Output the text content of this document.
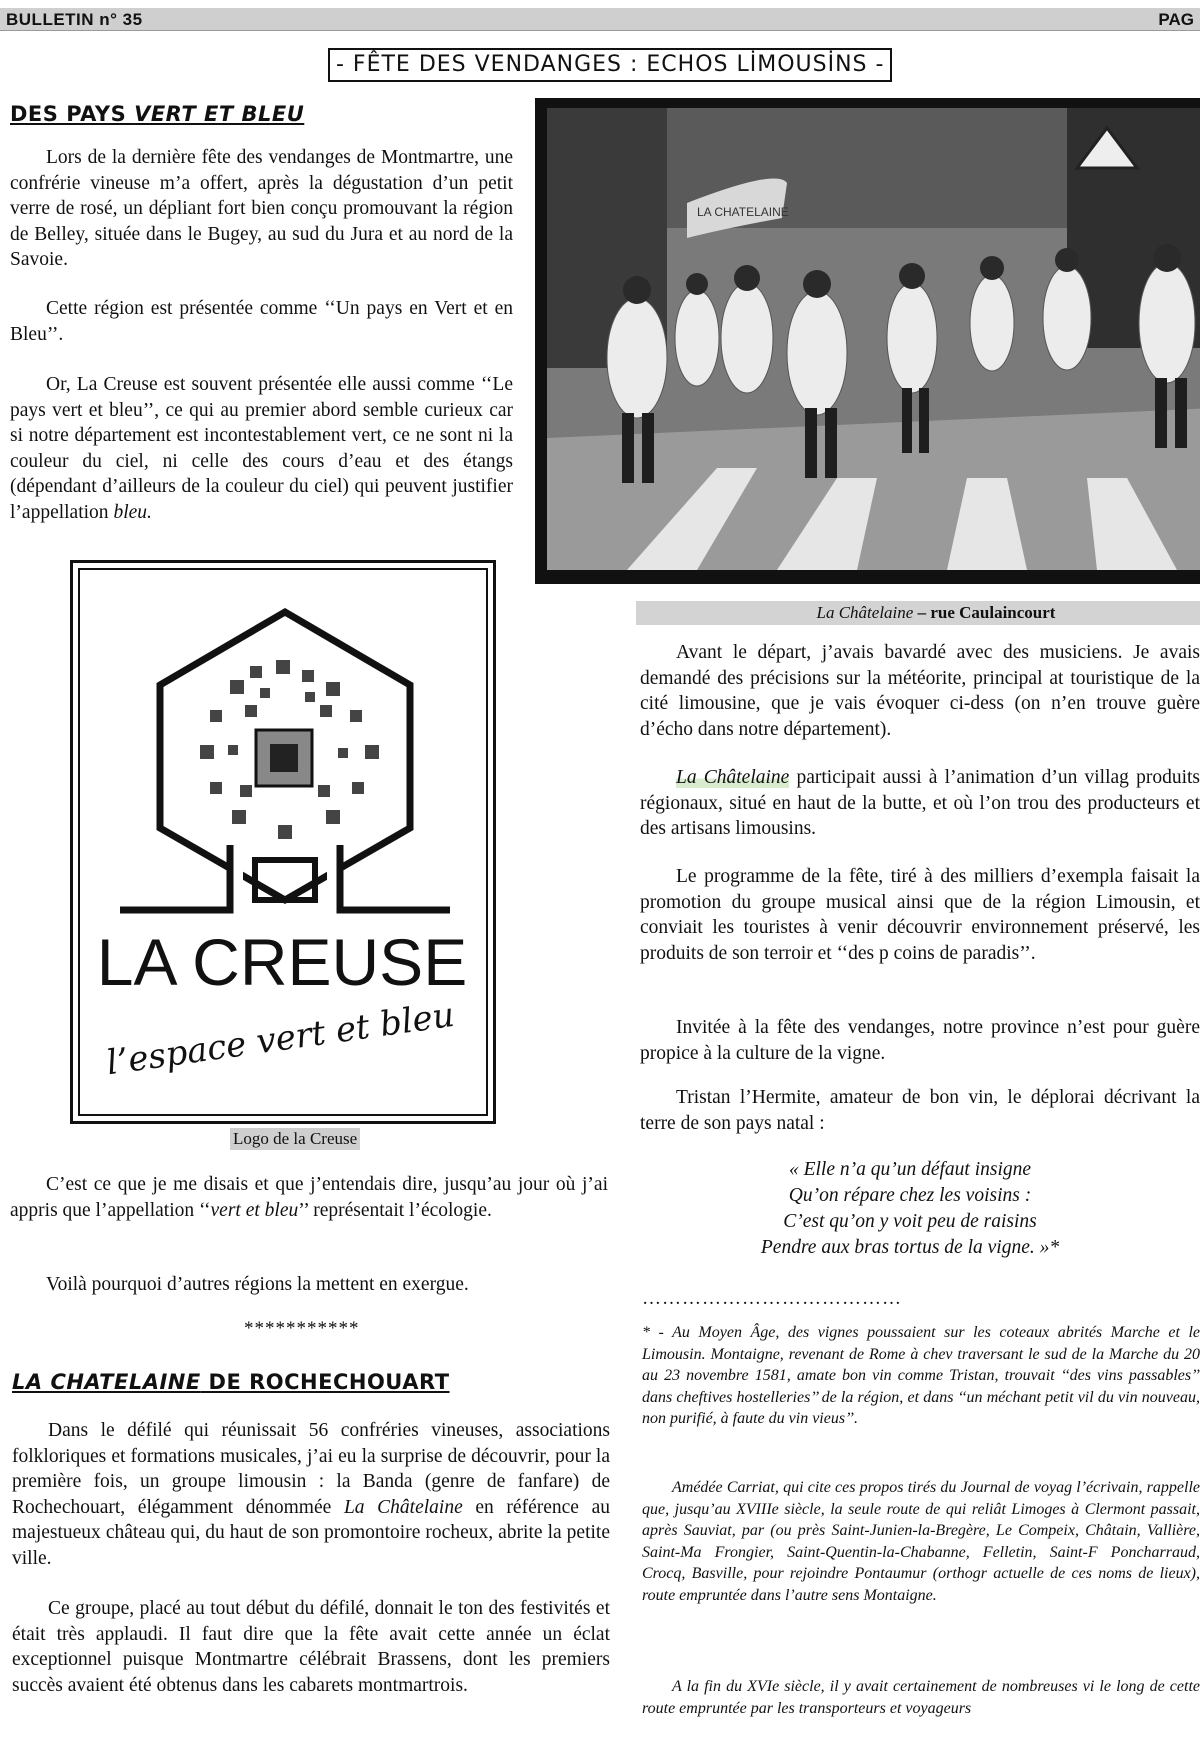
BULLETIN n° 35	PAG
- FÊTE DES VENDANGES : ECHOS LİMOUSİNS -
DES PAYS VERT ET BLEU

Lors de la dernière fête des vendanges de Montmartre, une confrérie vineuse m’a offert, après la dégustation d’un petit verre de rosé, un dépliant fort bien conçu promouvant la région de Belley, située dans le Bugey, au sud du Jura et au nord de la Savoie.

Cette région est présentée comme ‘‘Un pays en Vert et en Bleu’’.

Or, La Creuse est souvent présentée elle aussi comme ‘‘Le pays vert et bleu’’, ce qui au premier abord semble curieux car si notre département est incontestablement vert, ce ne sont ni la couleur du ciel, ni celle des cours d’eau et des étangs (dépendant d’ailleurs de la couleur du ciel) qui peuvent justifier l’appellation bleu.

LA CREUSE
l’espace vert et bleu
Logo de la Creuse

C’est ce que je me disais et que j’entendais dire, jusqu’au jour où j’ai appris que l’appellation ‘‘vert et bleu’’ représentait l’écologie.

Voilà pourquoi d’autres régions la mettent en exergue.

***********
LA CHATELAINE DE ROCHECHOUART

Dans le défilé qui réunissait 56 confréries vineuses, associations folkloriques et formations musicales, j’ai eu la surprise de découvrir, pour la première fois, un groupe limousin : la Banda (genre de fanfare) de Rochechouart, élégamment dénommée La Châtelaine en référence au majestueux château qui, du haut de son promontoire rocheux, abrite la petite ville.

Ce groupe, placé au tout début du défilé, donnait le ton des festivités et était très applaudi. Il faut dire que la fête avait cette année un éclat exceptionnel puisque Montmartre célébrait Brassens, dont les premiers succès avaient été obtenus dans les cabarets montmartrois.

LA CHATELAINE
La Châtelaine – rue Caulaincourt

Avant le départ, j’avais bavardé avec des musiciens. Je avais demandé des précisions sur la météorite, principal at touristique de la cité limousine, que je vais évoquer ci-dess (on n’en trouve guère d’écho dans notre département).

La Châtelaine participait aussi à l’animation d’un villag produits régionaux, situé en haut de la butte, et où l’on trou des producteurs et des artisans limousins.

Le programme de la fête, tiré à des milliers d’exempla faisait la promotion du groupe musical ainsi que de la région Limousin, et conviait les touristes à venir découvrir environnement préservé, les produits de son terroir et ‘‘des p coins de paradis’’.

Invitée à la fête des vendanges, notre province n’est pour guère propice à la culture de la vigne.

Tristan l’Hermite, amateur de bon vin, le déplorai décrivant la terre de son pays natal :

« Elle n’a qu’un défaut insigne
Qu’on répare chez les voisins :
C’est qu’on y voit peu de raisins
Pendre aux bras tortus de la vigne. »*
…………………………………

* - Au Moyen Âge, des vignes poussaient sur les coteaux abrités Marche et le Limousin. Montaigne, revenant de Rome à chev traversant le sud de la Marche du 20 au 23 novembre 1581, amate bon vin comme Tristan, trouvait ‘‘des vins passables’’ dans cheftives hostelleries’’ de la région, et dans ‘‘un méchant petit vil du vin nouveau, non purifié, à faute du vin vieus’’.

Amédée Carriat, qui cite ces propos tirés du Journal de voyag l’écrivain, rappelle que, jusqu’au XVIIIe siècle, la seule route de qui reliât Limoges à Clermont passait, après Sauviat, par (ou près Saint-Junien-la-Bregère, Le Compeix, Châtain, Vallière, Saint-Ma Frongier, Saint-Quentin-la-Chabanne, Felletin, Saint-F Poncharraud, Crocq, Basville, pour rejoindre Pontaumur (orthogr actuelle de ces noms de lieux), route empruntée dans l’autre sens Montaigne.

A la fin du XVIe siècle, il y avait certainement de nombreuses vi le long de cette route empruntée par les transporteurs et voyageurs
